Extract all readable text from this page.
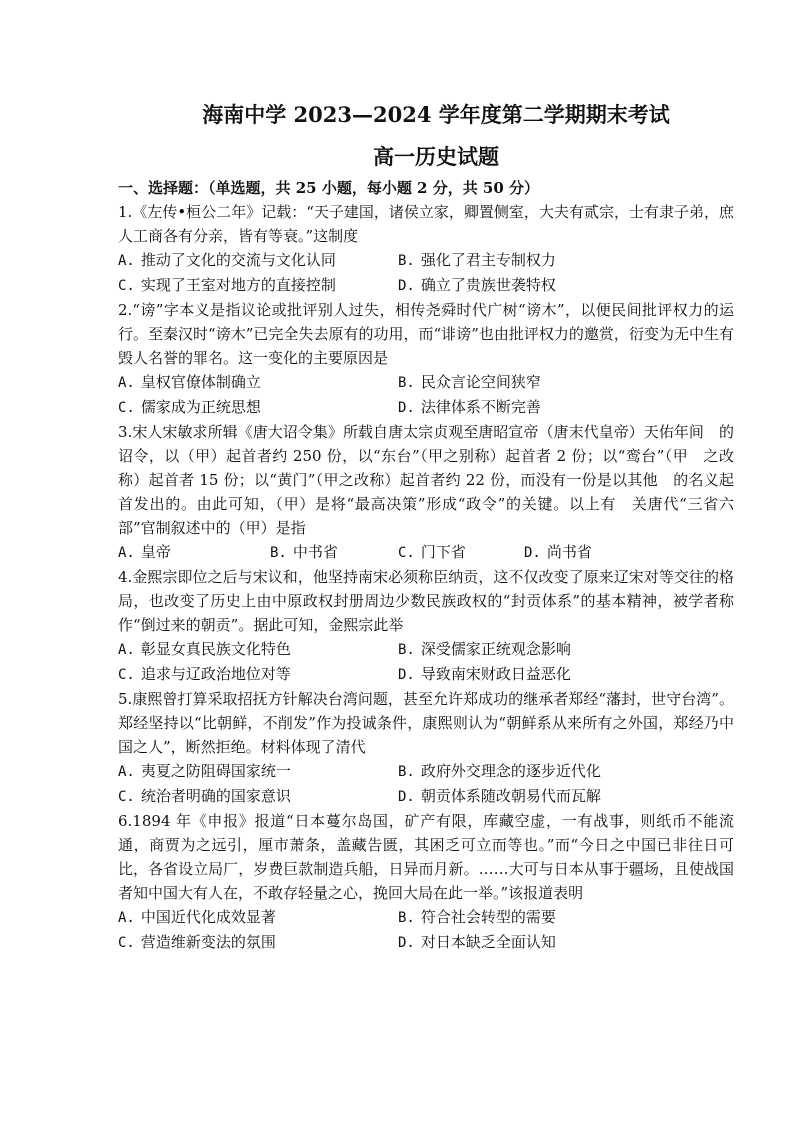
海南中学 2023—2024 学年度第二学期期末考试
高一历史试题

一、选择题：（单选题，共 25 小题，每小题 2 分，共 50 分）

1.《左传•桓公二年》记载：“天子建国，诸侯立家，卿置侧室，大夫有贰宗，士有隶子弟，庶人工商各有分亲，皆有等衰。”这制度

A. 推动了文化的交流与文化认同	B. 强化了君主专制权力
C. 实现了王室对地方的直接控制	D. 确立了贵族世袭特权

2.“谤”字本义是指议论或批评别人过失，相传尧舜时代广树“谤木”，以便民间批评权力的运行。至秦汉时“谤木”已完全失去原有的功用，而“诽谤”也由批评权力的邀赏，衍变为无中生有毁人名誉的罪名。这一变化的主要原因是

A. 皇权官僚体制确立	B. 民众言论空间狭窄
C. 儒家成为正统思想	D. 法律体系不断完善

3.宋人宋敏求所辑《唐大诏令集》所载自唐太宗贞观至唐昭宣帝（唐末代皇帝）天佑年间　的诏令，以（甲）起首者约 250 份，以“东台”（甲之别称）起首者 2 份；以“鸾台”（甲　之改称）起首者 15 份；以“黄门”（甲之改称）起首者约 22 份，而没有一份是以其他　的名义起首发出的。由此可知，（甲）是将“最高决策”形成“政令”的关键。以上有　关唐代“三省六部”官制叙述中的（甲）是指

A. 皇帝	B. 中书省	C. 门下省	D. 尚书省

4.金熙宗即位之后与宋议和，他坚持南宋必须称臣纳贡，这不仅改变了原来辽宋对等交往的格局，也改变了历史上由中原政权封册周边少数民族政权的“封贡体系”的基本精神，被学者称作“倒过来的朝贡”。据此可知，金熙宗此举

A. 彰显女真民族文化特色	B. 深受儒家正统观念影响
C. 追求与辽政治地位对等	D. 导致南宋财政日益恶化

5.康熙曾打算采取招抚方针解决台湾问题，甚至允许郑成功的继承者郑经“藩封，世守台湾”。郑经坚持以“比朝鲜，不削发”作为投诚条件，康熙则认为“朝鲜系从来所有之外国，郑经乃中国之人”，断然拒绝。材料体现了清代

A. 夷夏之防阻碍国家统一	B. 政府外交理念的逐步近代化
C. 统治者明确的国家意识	D. 朝贡体系随改朝易代而瓦解

6.1894 年《申报》报道“日本蔓尔岛国，矿产有限，库藏空虚，一有战事，则纸币不能流通，商贾为之远引，厘市萧条，盖藏告匮，其困乏可立而等也。”而“今日之中国已非往日可比，各省设立局厂，岁费巨款制造兵船，日异而月新。……大可与日本从事于疆场，且使战国者知中国大有人在，不敢存轻量之心，挽回大局在此一举。”该报道表明

A. 中国近代化成效显著	B. 符合社会转型的需要
C. 营造维新变法的氛围	D. 对日本缺乏全面认知
